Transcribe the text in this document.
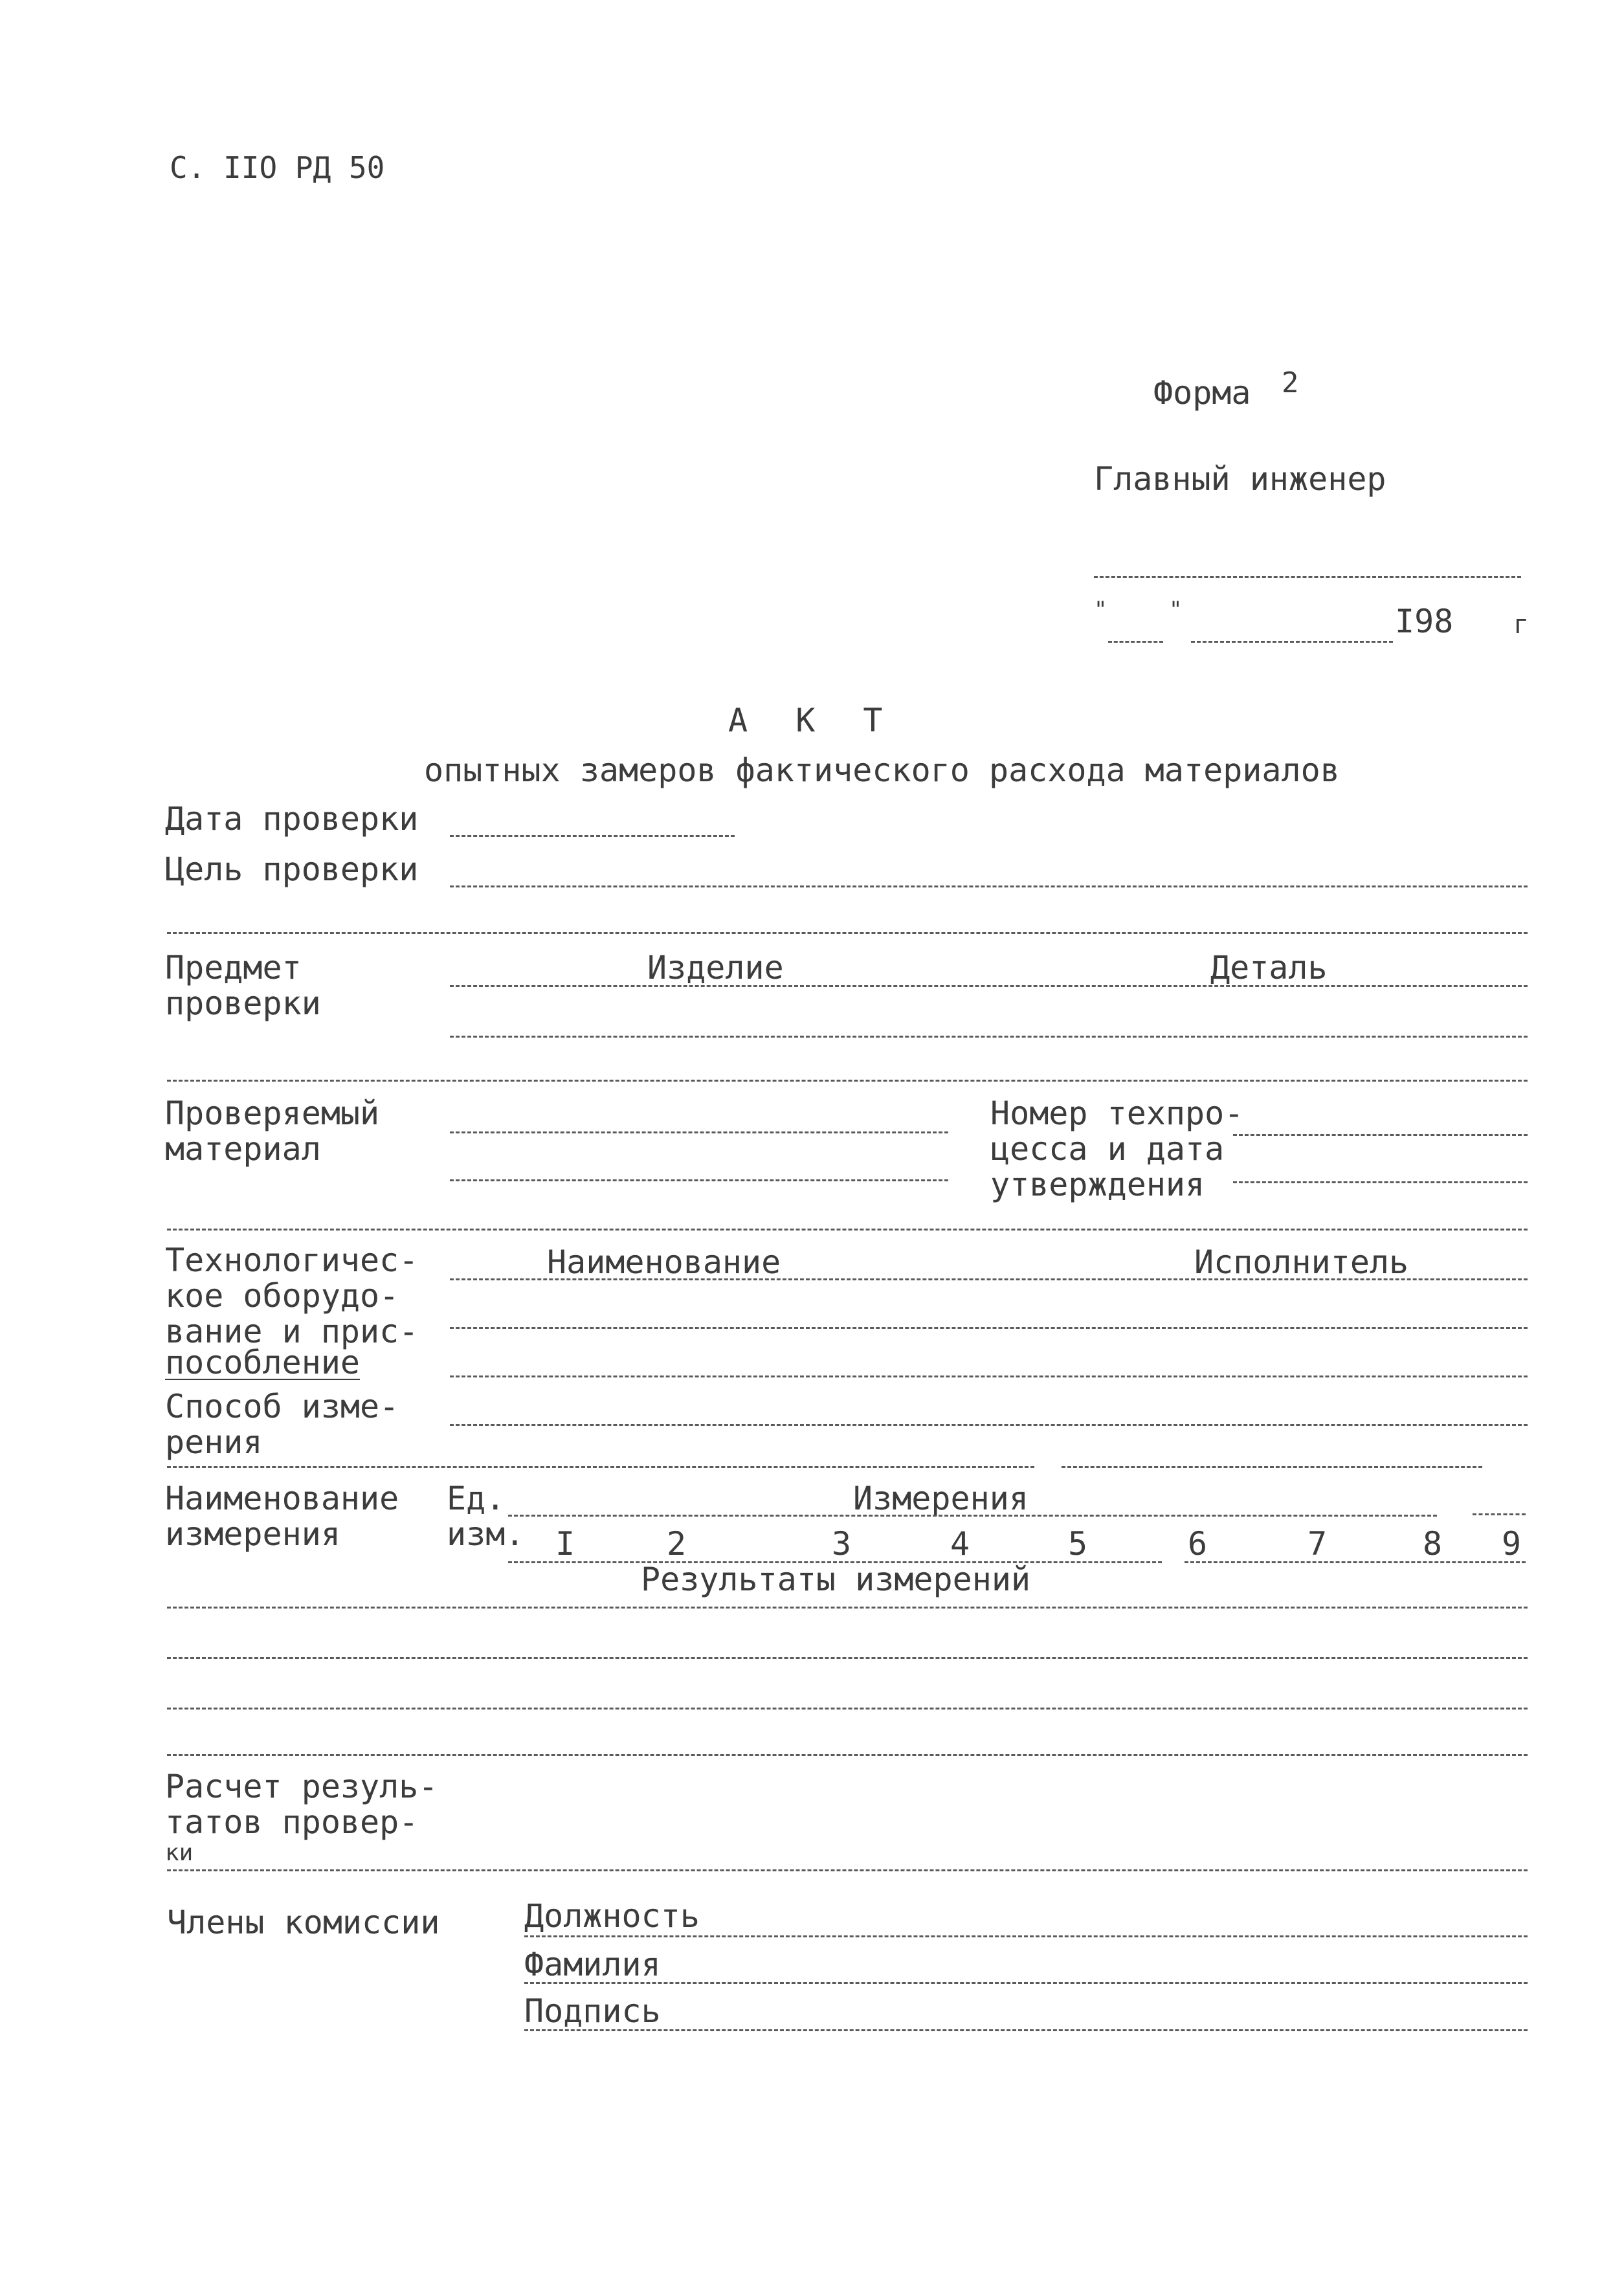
С. IIO РД 50
Форма 2
Главный инженер
"	"	I98 г
А К Т
опытных замеров фактического расхода материалов
Дата проверки
Цель проверки
Предмет
проверки
Изделие	Деталь
Проверяемый
материал
Номер техпро-
цесса и дата
утверждения
Технологичес-
кое оборудо-
вание и прис-
пособление
Наименование	Исполнитель
Способ изме-
рения
Наименование
измерения
Ед.
изм.
Измерения
I	2	3	4	5	6	7	8 9
Результаты измерений
Расчет резуль-
татов провер-
ки
Члены комиссии	Должность
Фамилия
Подпись
